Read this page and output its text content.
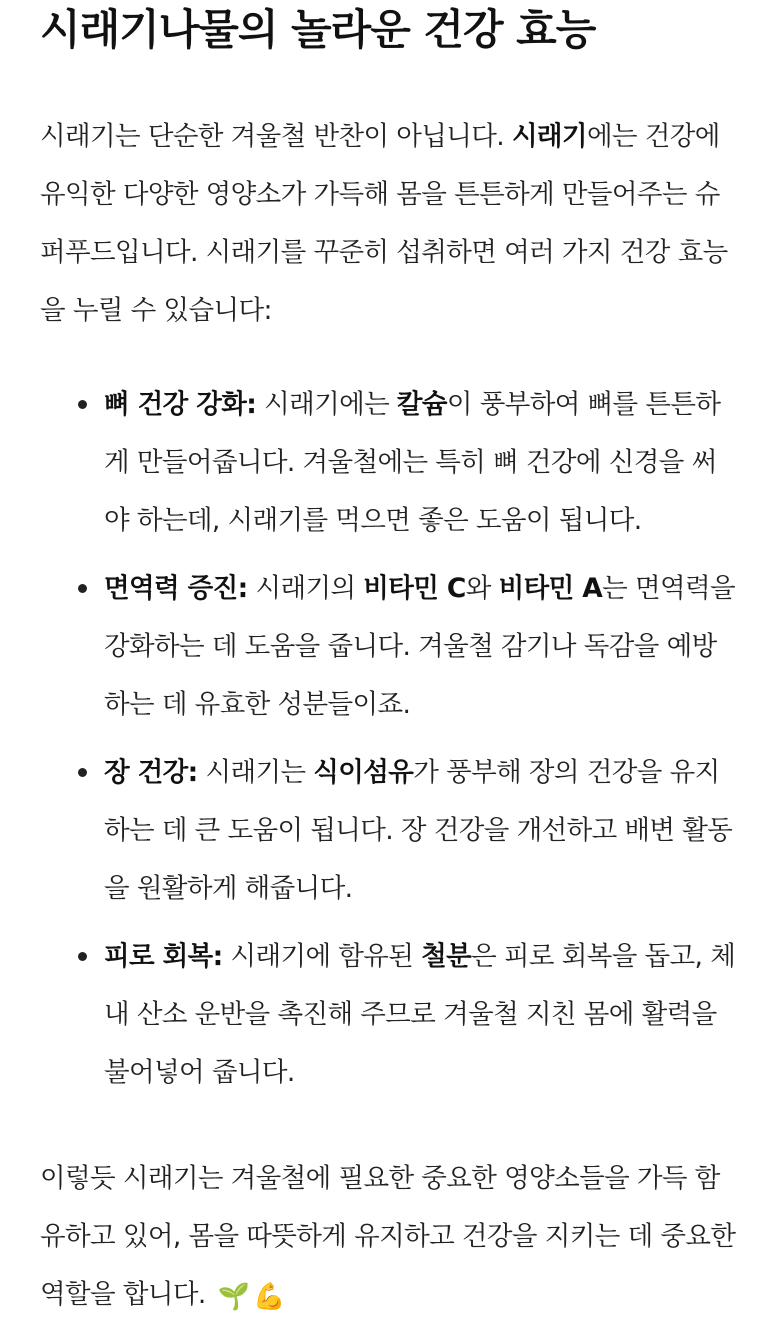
시래기나물의 놀라운 건강 효능

시래기는 단순한 겨울철 반찬이 아닙니다. 시래기에는 건강에 유익한 다양한 영양소가 가득해 몸을 튼튼하게 만들어주는 슈퍼푸드입니다. 시래기를 꾸준히 섭취하면 여러 가지 건강 효능을 누릴 수 있습니다:

뼈 건강 강화: 시래기에는 칼슘이 풍부하여 뼈를 튼튼하게 만들어줍니다. 겨울철에는 특히 뼈 건강에 신경을 써야 하는데, 시래기를 먹으면 좋은 도움이 됩니다.
면역력 증진: 시래기의 비타민 C와 비타민 A는 면역력을 강화하는 데 도움을 줍니다. 겨울철 감기나 독감을 예방하는 데 유효한 성분들이죠.
장 건강: 시래기는 식이섬유가 풍부해 장의 건강을 유지하는 데 큰 도움이 됩니다. 장 건강을 개선하고 배변 활동을 원활하게 해줍니다.
피로 회복: 시래기에 함유된 철분은 피로 회복을 돕고, 체내 산소 운반을 촉진해 주므로 겨울철 지친 몸에 활력을 불어넣어 줍니다.

이렇듯 시래기는 겨울철에 필요한 중요한 영양소들을 가득 함유하고 있어, 몸을 따뜻하게 유지하고 건강을 지키는 데 중요한 역할을 합니다. 🌱 💪
